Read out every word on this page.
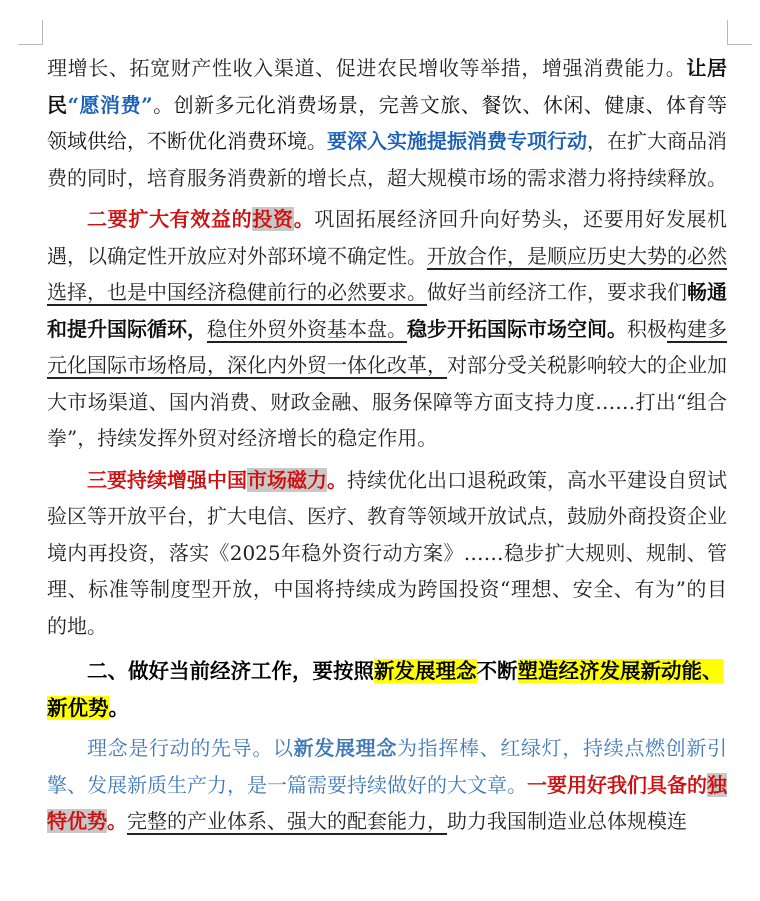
理增长、拓宽财产性收入渠道、促进农民增收等举措，增强消费能力。让居民“愿消费”。创新多元化消费场景，完善文旅、餐饮、休闲、健康、体育等领域供给，不断优化消费环境。要深入实施提振消费专项行动，在扩大商品消费的同时，培育服务消费新的增长点，超大规模市场的需求潜力将持续释放。

二要扩大有效益的投资。巩固拓展经济回升向好势头，还要用好发展机遇，以确定性开放应对外部环境不确定性。开放合作，是顺应历史大势的必然选择，也是中国经济稳健前行的必然要求。做好当前经济工作，要求我们畅通和提升国际循环，稳住外贸外资基本盘。稳步开拓国际市场空间。积极构建多元化国际市场格局，深化内外贸一体化改革，对部分受关税影响较大的企业加大市场渠道、国内消费、财政金融、服务保障等方面支持力度……打出“组合拳”，持续发挥外贸对经济增长的稳定作用。

三要持续增强中国市场磁力。持续优化出口退税政策，高水平建设自贸试验区等开放平台，扩大电信、医疗、教育等领域开放试点，鼓励外商投资企业境内再投资，落实《2025年稳外资行动方案》……稳步扩大规则、规制、管理、标准等制度型开放，中国将持续成为跨国投资“理想、安全、有为”的目的地。

二、做好当前经济工作，要按照新发展理念不断塑造经济发展新动能、新优势。

理念是行动的先导。以新发展理念为指挥棒、红绿灯，持续点燃创新引擎、发展新质生产力，是一篇需要持续做好的大文章。一要用好我们具备的独特优势。完整的产业体系、强大的配套能力，助力我国制造业总体规模连
